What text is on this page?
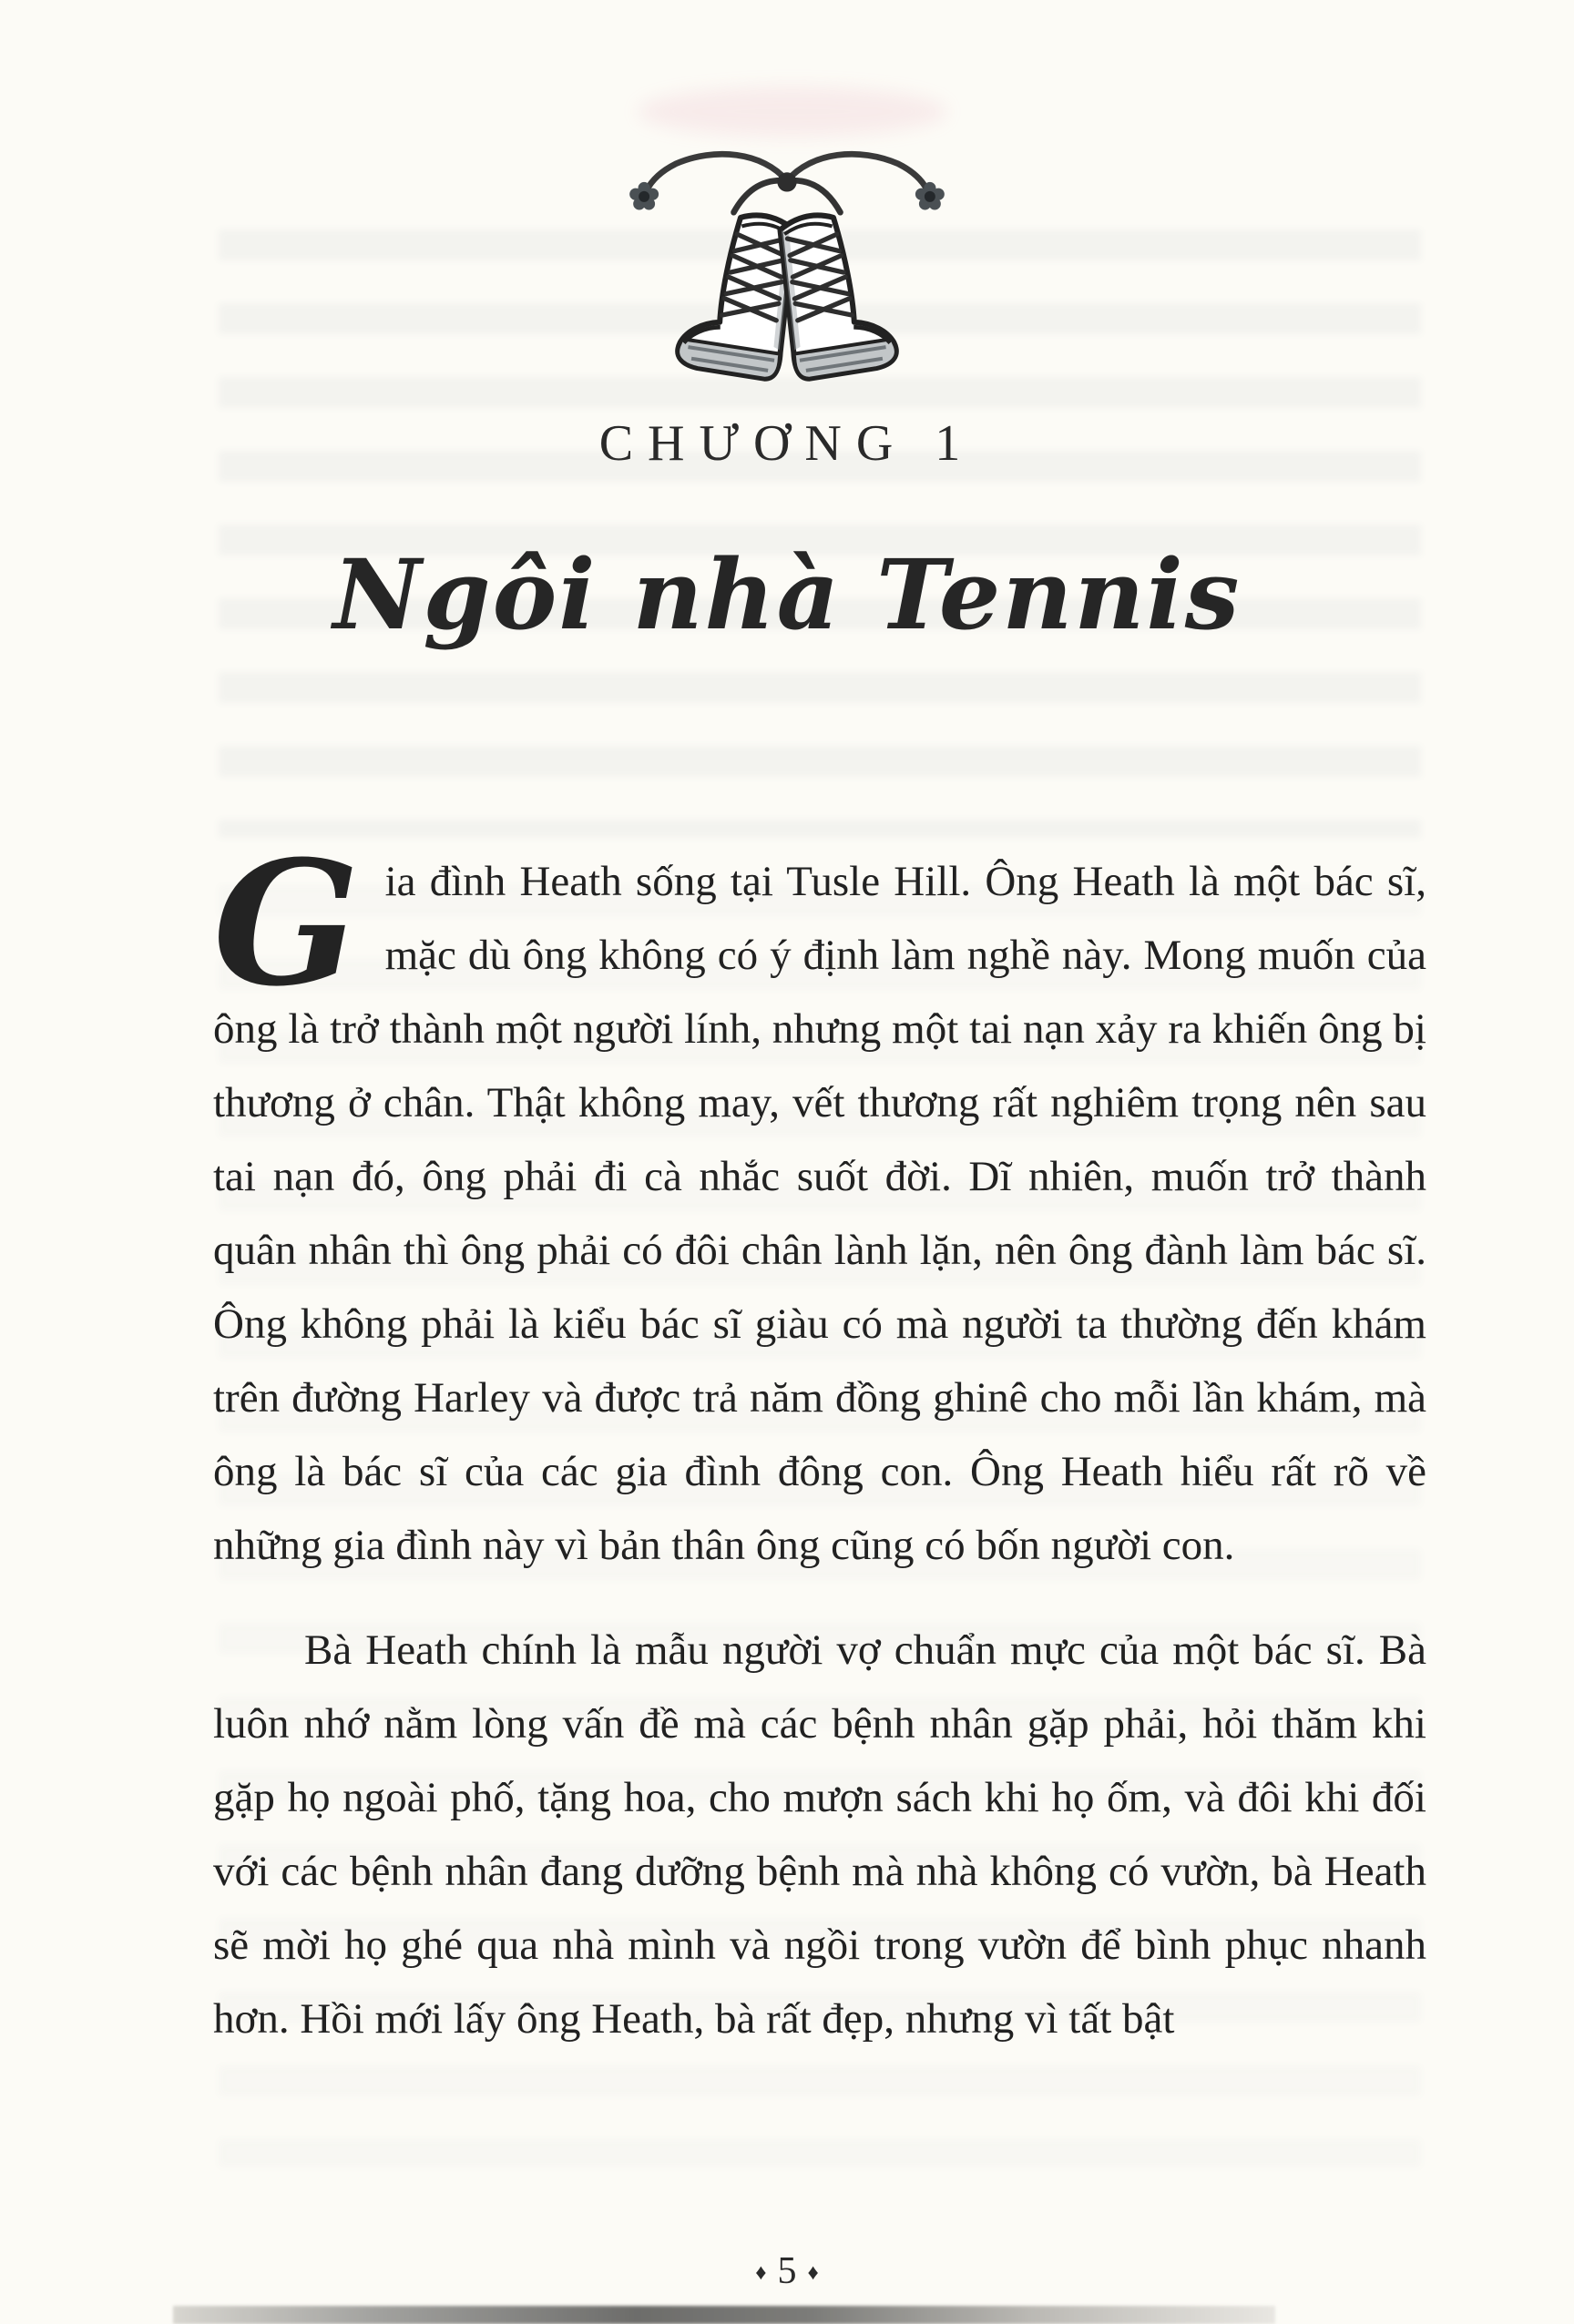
CHƯƠNG 1
Ngôi nhà Tennis

Gia đình Heath sống tại Tusle Hill. Ông Heath là một bác sĩ, mặc dù ông không có ý định làm nghề này. Mong muốn của ông là trở thành một người lính, nhưng một tai nạn xảy ra khiến ông bị thương ở chân. Thật không may, vết thương rất nghiêm trọng nên sau tai nạn đó, ông phải đi cà nhắc suốt đời. Dĩ nhiên, muốn trở thành quân nhân thì ông phải có đôi chân lành lặn, nên ông đành làm bác sĩ. Ông không phải là kiểu bác sĩ giàu có mà người ta thường đến khám trên đường Harley và được trả năm đồng ghinê cho mỗi lần khám, mà ông là bác sĩ của các gia đình đông con. Ông Heath hiểu rất rõ về những gia đình này vì bản thân ông cũng có bốn người con.

Bà Heath chính là mẫu người vợ chuẩn mực của một bác sĩ. Bà luôn nhớ nằm lòng vấn đề mà các bệnh nhân gặp phải, hỏi thăm khi gặp họ ngoài phố, tặng hoa, cho mượn sách khi họ ốm, và đôi khi đối với các bệnh nhân đang dưỡng bệnh mà nhà không có vườn, bà Heath sẽ mời họ ghé qua nhà mình và ngồi trong vườn để bình phục nhanh hơn. Hồi mới lấy ông Heath, bà rất đẹp, nhưng vì tất bật

♦ 5 ♦
